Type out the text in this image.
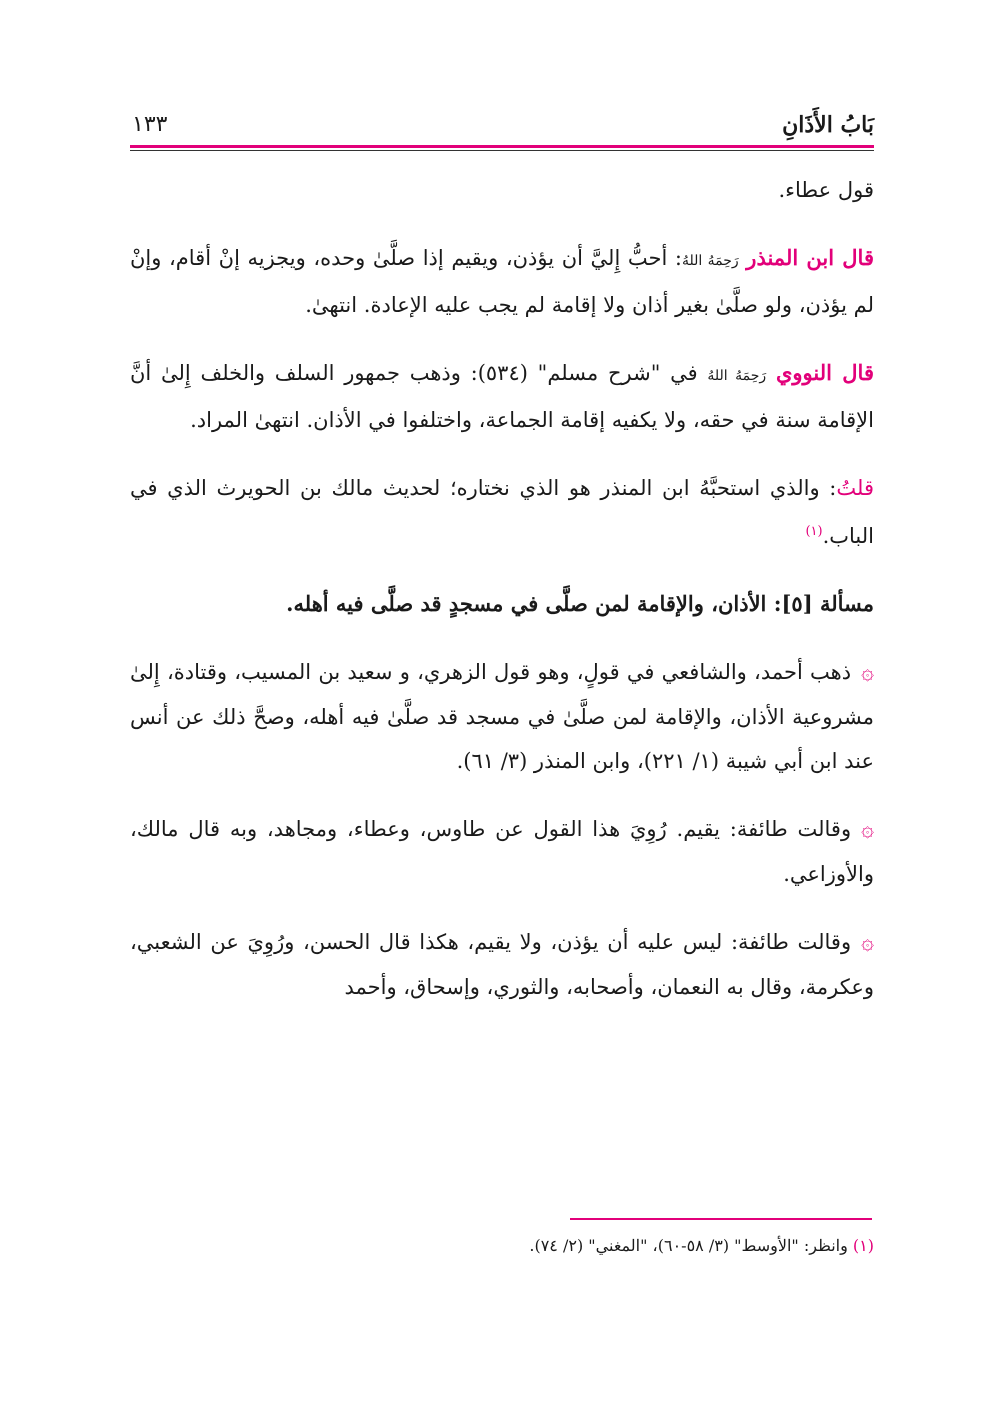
بَابُ الأَذَانِ
١٣٣

قول عطاء.

قال ابن المنذر رَحِمَهُ اللهُ: أحبُّ إِليَّ أن يؤذن، ويقيم إذا صلَّىٰ وحده، ويجزيه إنْ أقام، وإنْ لم يؤذن، ولو صلَّىٰ بغير أذان ولا إقامة لم يجب عليه الإعادة. انتهىٰ.

قال النووي رَحِمَهُ اللهُ في "شرح مسلم" (٥٣٤): وذهب جمهور السلف والخلف إِلىٰ أنَّ الإقامة سنة في حقه، ولا يكفيه إقامة الجماعة، واختلفوا في الأذان. انتهىٰ المراد.

قلتُ: والذي استحبَّهُ ابن المنذر هو الذي نختاره؛ لحديث مالك بن الحويرث الذي في الباب.$^{(١)}$

مسألة [٥]: الأذان، والإقامة لمن صلَّى في مسجدٍ قد صلَّى فيه أهله.

۞ذهب أحمد، والشافعي في قولٍ، وهو قول الزهري، و سعيد بن المسيب، وقتادة، إِلىٰ مشروعية الأذان، والإقامة لمن صلَّىٰ في مسجد قد صلَّىٰ فيه أهله، وصحَّ ذلك عن أنس عند ابن أبي شيبة (١/ ٢٢١)، وابن المنذر (٣/ ٦١).

۞وقالت طائفة: يقيم. رُوِيَ هذا القول عن طاوس، وعطاء، ومجاهد، وبه قال مالك، والأوزاعي.

۞وقالت طائفة: ليس عليه أن يؤذن، ولا يقيم، هكذا قال الحسن، ورُوِيَ عن الشعبي، وعكرمة، وقال به النعمان، وأصحابه، والثوري، وإسحاق، وأحمد

(١) وانظر: "الأوسط" (٣/ ٥٨-٦٠)، "المغني" (٢/ ٧٤).
